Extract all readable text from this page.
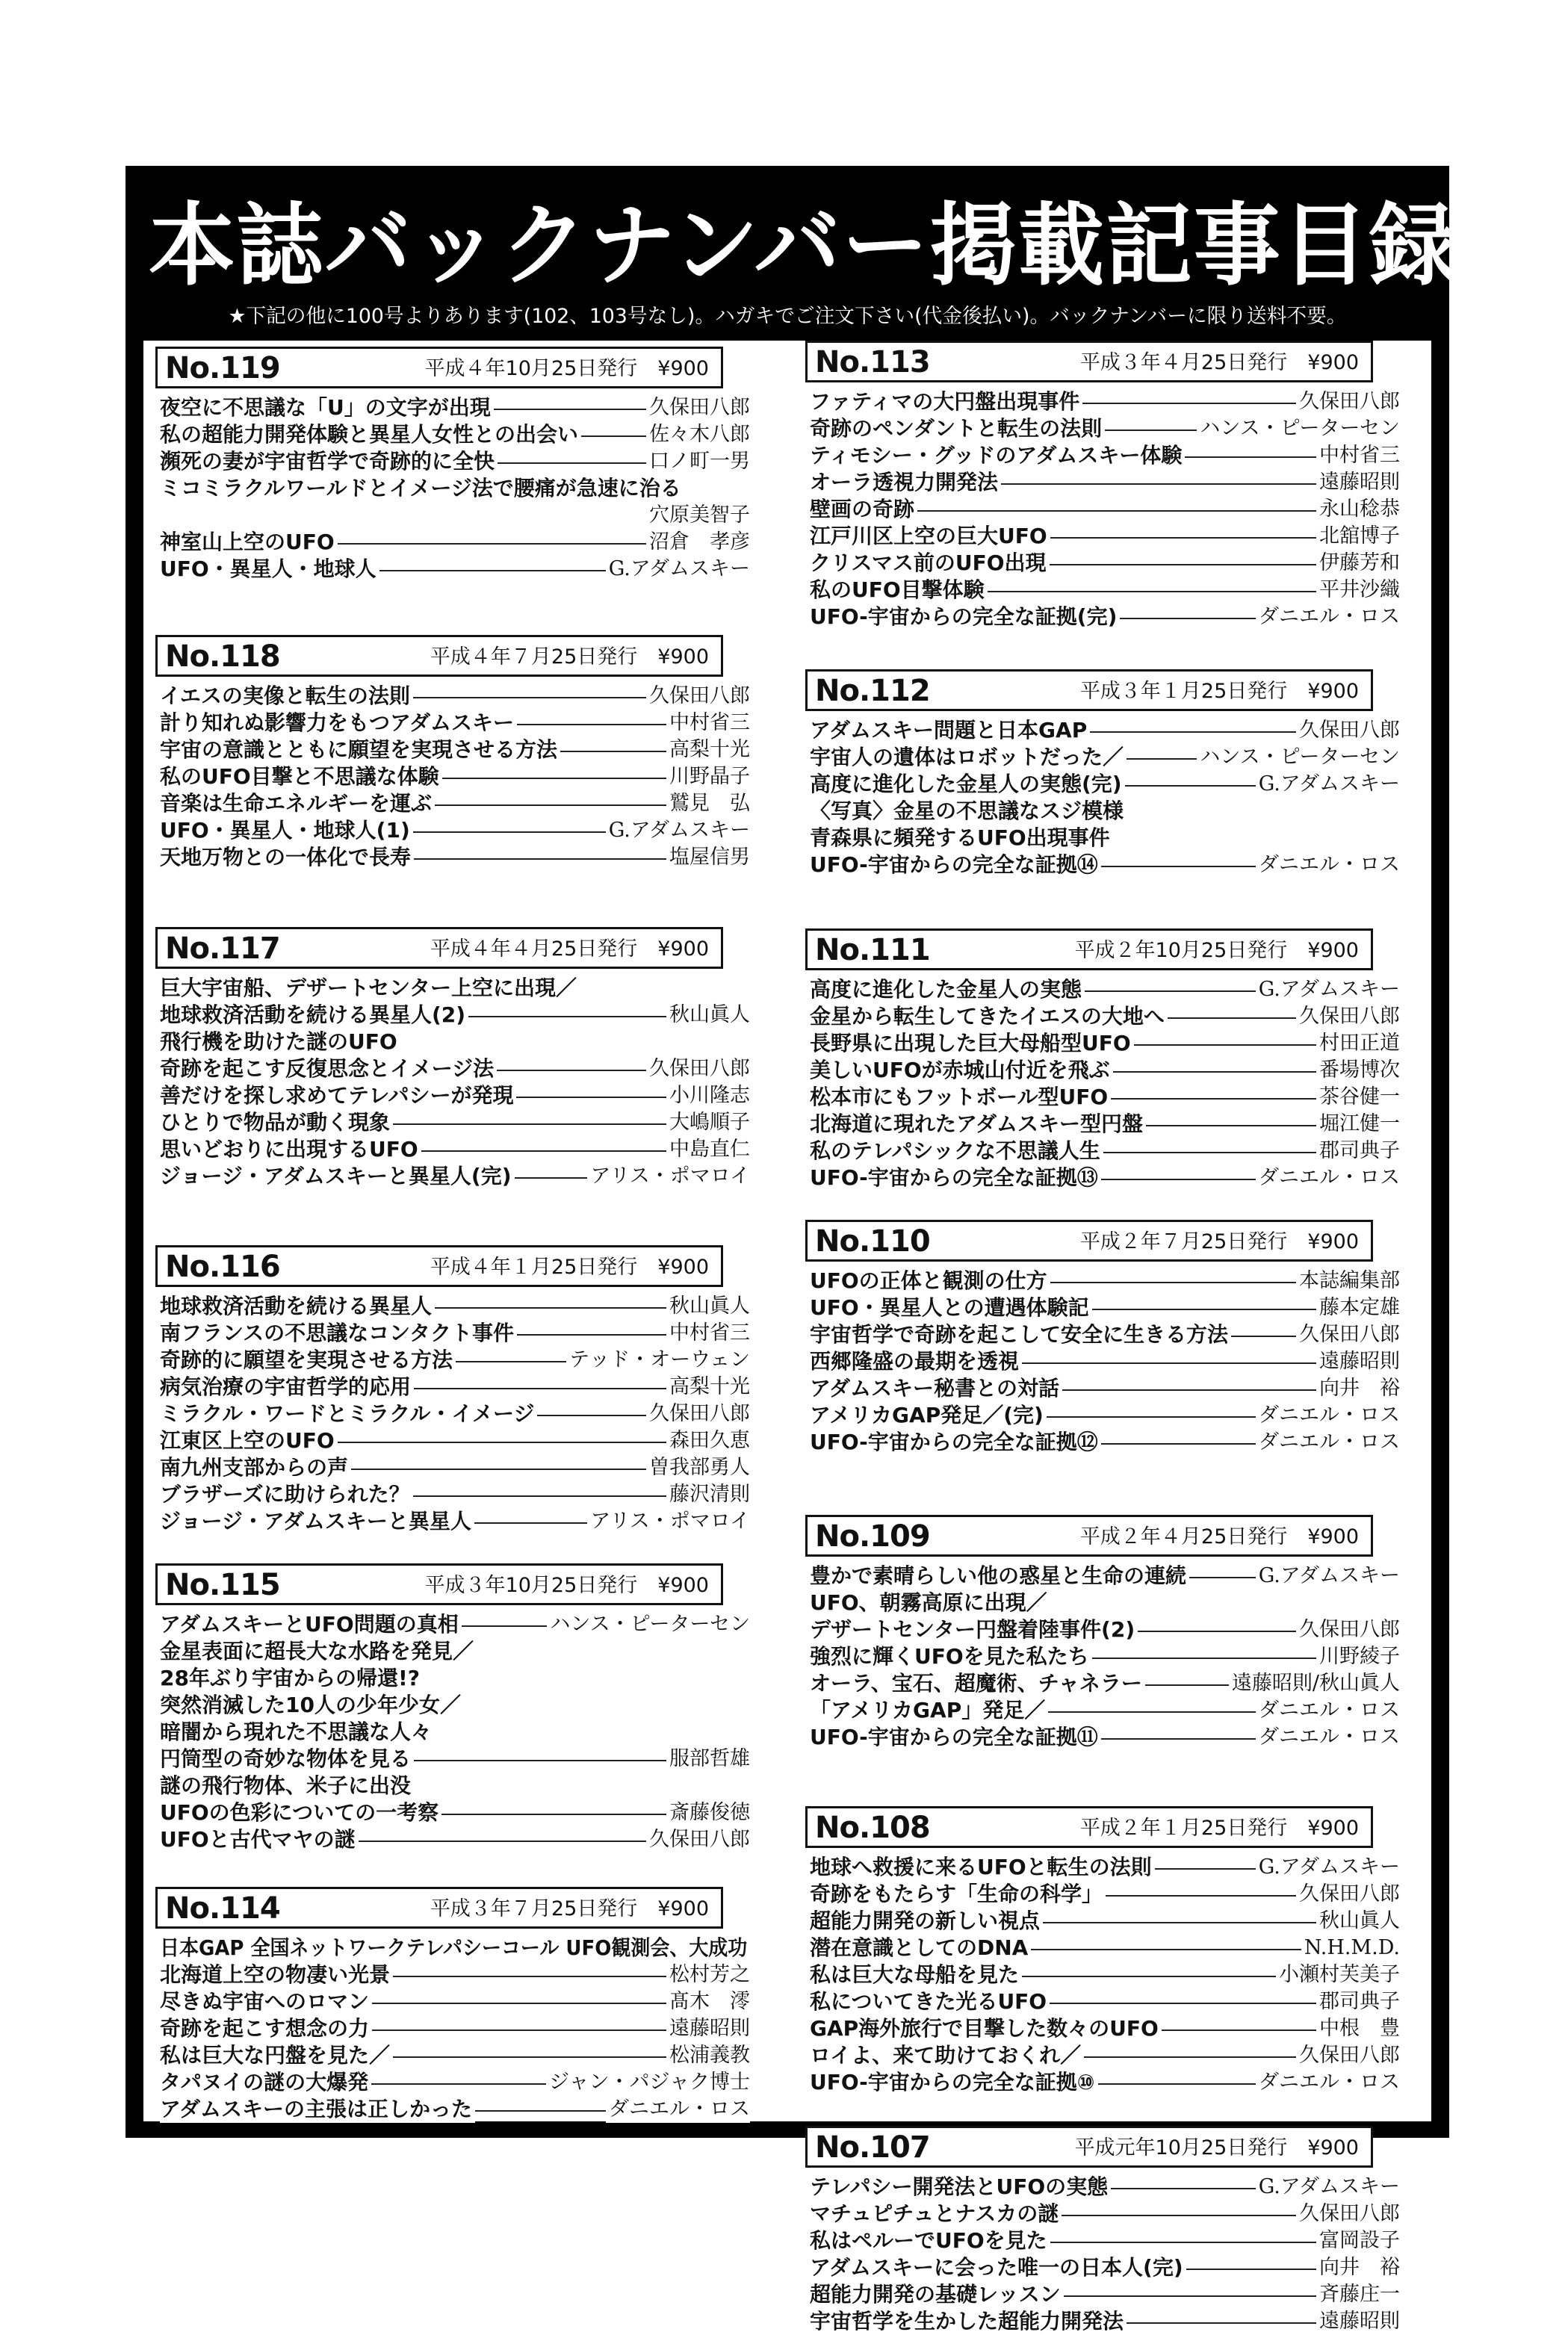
本誌バックナンバー掲載記事目録
★下記の他に100号よりあります(102、103号なし)。ハガキでご注文下さい(代金後払い)。バックナンバーに限り送料不要。
No.119	平成４年10月25日発行　¥900
夜空に不思議な「U」の文字が出現	久保田八郎
私の超能力開発体験と異星人女性との出会い	佐々木八郎
瀕死の妻が宇宙哲学で奇跡的に全快	口ノ町一男
ミコミラクルワールドとイメージ法で腰痛が急速に治る
穴原美智子
神室山上空のUFO	沼倉　孝彦
UFO・異星人・地球人	G.アダムスキー
No.118	平成４年７月25日発行　¥900
イエスの実像と転生の法則	久保田八郎
計り知れぬ影響力をもつアダムスキー	中村省三
宇宙の意識とともに願望を実現させる方法	高梨十光
私のUFO目撃と不思議な体験	川野晶子
音楽は生命エネルギーを運ぶ	鷲見　弘
UFO・異星人・地球人(1)	G.アダムスキー
天地万物との一体化で長寿	塩屋信男
No.117	平成４年４月25日発行　¥900
巨大宇宙船、デザートセンター上空に出現／
地球救済活動を続ける異星人(2)	秋山眞人
飛行機を助けた謎のUFO
奇跡を起こす反復思念とイメージ法	久保田八郎
善だけを探し求めてテレパシーが発現	小川隆志
ひとりで物品が動く現象	大嶋順子
思いどおりに出現するUFO	中島直仁
ジョージ・アダムスキーと異星人(完)	アリス・ポマロイ
No.116	平成４年１月25日発行　¥900
地球救済活動を続ける異星人	秋山眞人
南フランスの不思議なコンタクト事件	中村省三
奇跡的に願望を実現させる方法	テッド・オーウェン
病気治療の宇宙哲学的応用	高梨十光
ミラクル・ワードとミラクル・イメージ	久保田八郎
江東区上空のUFO	森田久恵
南九州支部からの声	曽我部勇人
ブラザーズに助けられた？	藤沢清則
ジョージ・アダムスキーと異星人	アリス・ポマロイ
No.115	平成３年10月25日発行　¥900
アダムスキーとUFO問題の真相	ハンス・ピーターセン
金星表面に超長大な水路を発見／
28年ぶり宇宙からの帰還!?
突然消滅した10人の少年少女／
暗闇から現れた不思議な人々
円筒型の奇妙な物体を見る	服部哲雄
謎の飛行物体、米子に出没
UFOの色彩についての一考察	斎藤俊徳
UFOと古代マヤの謎	久保田八郎
No.114	平成３年７月25日発行　¥900
日本GAP 全国ネットワークテレパシーコール UFO観測会、大成功
北海道上空の物凄い光景	松村芳之
尽きぬ宇宙へのロマン	髙木　澪
奇跡を起こす想念の力	遠藤昭則
私は巨大な円盤を見た／	松浦義教
タパヌイの謎の大爆発	ジャン・パジャク博士
アダムスキーの主張は正しかった	ダニエル・ロス
No.113	平成３年４月25日発行　¥900
ファティマの大円盤出現事件	久保田八郎
奇跡のペンダントと転生の法則	ハンス・ピーターセン
ティモシー・グッドのアダムスキー体験	中村省三
オーラ透視力開発法	遠藤昭則
壁画の奇跡	永山稔恭
江戸川区上空の巨大UFO	北舘博子
クリスマス前のUFO出現	伊藤芳和
私のUFO目撃体験	平井沙織
UFO-宇宙からの完全な証拠(完)	ダニエル・ロス
No.112	平成３年１月25日発行　¥900
アダムスキー問題と日本GAP	久保田八郎
宇宙人の遺体はロボットだった／	ハンス・ピーターセン
高度に進化した金星人の実態(完)	G.アダムスキー
〈写真〉金星の不思議なスジ模様
青森県に頻発するUFO出現事件
UFO-宇宙からの完全な証拠⑭	ダニエル・ロス
No.111	平成２年10月25日発行　¥900
高度に進化した金星人の実態	G.アダムスキー
金星から転生してきたイエスの大地へ	久保田八郎
長野県に出現した巨大母船型UFO	村田正道
美しいUFOが赤城山付近を飛ぶ	番場博次
松本市にもフットボール型UFO	茶谷健一
北海道に現れたアダムスキー型円盤	堀江健一
私のテレパシックな不思議人生	郡司典子
UFO-宇宙からの完全な証拠⑬	ダニエル・ロス
No.110	平成２年７月25日発行　¥900
UFOの正体と観測の仕方	本誌編集部
UFO・異星人との遭遇体験記	藤本定雄
宇宙哲学で奇跡を起こして安全に生きる方法	久保田八郎
西郷隆盛の最期を透視	遠藤昭則
アダムスキー秘書との対話	向井　裕
アメリカGAP発足／(完)	ダニエル・ロス
UFO-宇宙からの完全な証拠⑫	ダニエル・ロス
No.109	平成２年４月25日発行　¥900
豊かで素晴らしい他の惑星と生命の連続	G.アダムスキー
UFO、朝霧高原に出現／
デザートセンター円盤着陸事件(2)	久保田八郎
強烈に輝くUFOを見た私たち	川野綾子
オーラ、宝石、超魔術、チャネラー	遠藤昭則/秋山眞人
「アメリカGAP」発足／	ダニエル・ロス
UFO-宇宙からの完全な証拠⑪	ダニエル・ロス
No.108	平成２年１月25日発行　¥900
地球へ救援に来るUFOと転生の法則	G.アダムスキー
奇跡をもたらす「生命の科学」	久保田八郎
超能力開発の新しい視点	秋山眞人
潜在意識としてのDNA	N.H.M.D.
私は巨大な母船を見た	小瀬村芙美子
私についてきた光るUFO	郡司典子
GAP海外旅行で目撃した数々のUFO	中根　豊
ロイよ、来て助けておくれ／	久保田八郎
UFO-宇宙からの完全な証拠⑩	ダニエル・ロス
No.107	平成元年10月25日発行　¥900
テレパシー開発法とUFOの実態	G.アダムスキー
マチュピチュとナスカの謎	久保田八郎
私はペルーでUFOを見た	富岡設子
アダムスキーに会った唯一の日本人(完)	向井　裕
超能力開発の基礎レッスン	斉藤庄一
宇宙哲学を生かした超能力開発法	遠藤昭則
